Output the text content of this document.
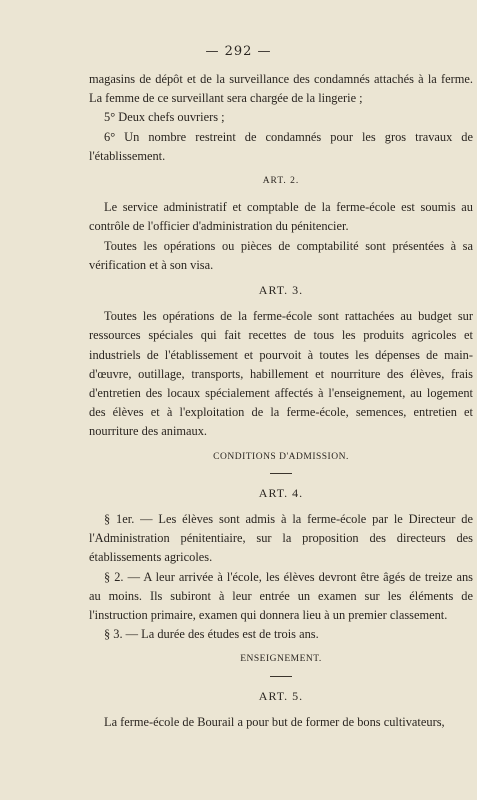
— 292 —

magasins de dépôt et de la surveillance des condamnés attachés à la ferme. La femme de ce surveillant sera chargée de la lingerie ;

5° Deux chefs ouvriers ;

6° Un nombre restreint de condamnés pour les gros travaux de l'établissement.

ART. 2.

Le service administratif et comptable de la ferme-école est soumis au contrôle de l'officier d'administration du pénitencier.

Toutes les opérations ou pièces de comptabilité sont présentées à sa vérification et à son visa.

ART. 3.

Toutes les opérations de la ferme-école sont rattachées au budget sur ressources spéciales qui fait recettes de tous les produits agricoles et industriels de l'établissement et pourvoit à toutes les dépenses de main-d'œuvre, outillage, transports, habillement et nourriture des élèves, frais d'entretien des locaux spécialement affectés à l'enseignement, au logement des élèves et à l'exploitation de la ferme-école, semences, entretien et nourriture des animaux.

CONDITIONS D'ADMISSION.
ART. 4.

§ 1er. — Les élèves sont admis à la ferme-école par le Directeur de l'Administration pénitentiaire, sur la proposition des directeurs des établissements agricoles.

§ 2. — A leur arrivée à l'école, les élèves devront être âgés de treize ans au moins. Ils subiront à leur entrée un examen sur les éléments de l'instruction primaire, examen qui donnera lieu à un premier classement.

§ 3. — La durée des études est de trois ans.

ENSEIGNEMENT.
ART. 5.

La ferme-école de Bourail a pour but de former de bons cultivateurs,
